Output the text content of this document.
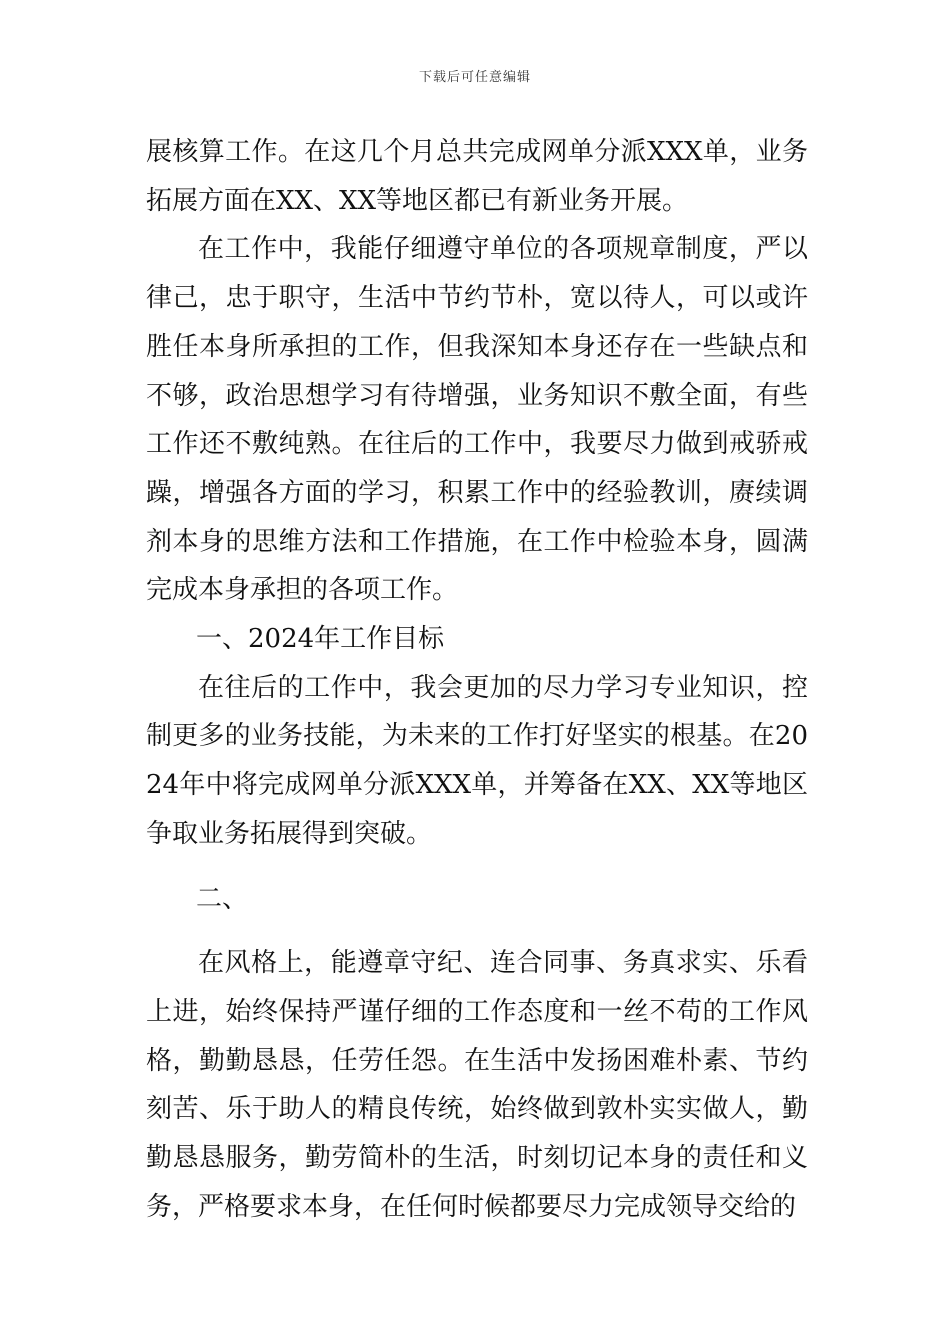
下载后可任意编辑

展核算工作。在这几个月总共完成网单分派XXX单，业务拓展方面在XX、XX等地区都已有新业务开展。

在工作中，我能仔细遵守单位的各项规章制度，严以律己，忠于职守，生活中节约节朴，宽以待人，可以或许胜任本身所承担的工作，但我深知本身还存在一些缺点和不够，政治思想学习有待增强，业务知识不敷全面，有些工作还不敷纯熟。在往后的工作中，我要尽力做到戒骄戒躁，增强各方面的学习，积累工作中的经验教训，赓续调剂本身的思维方法和工作措施，在工作中检验本身，圆满完成本身承担的各项工作。

一、2024年工作目标

在往后的工作中，我会更加的尽力学习专业知识，控制更多的业务技能，为未来的工作打好坚实的根基。在2024年中将完成网单分派XXX单，并筹备在XX、XX等地区争取业务拓展得到突破。

二、

在风格上，能遵章守纪、连合同事、务真求实、乐看上进，始终保持严谨仔细的工作态度和一丝不苟的工作风格，勤勤恳恳，任劳任怨。在生活中发扬困难朴素、节约刻苦、乐于助人的精良传统，始终做到敦朴实实做人，勤勤恳恳服务，勤劳简朴的生活，时刻切记本身的责任和义务，严格要求本身，在任何时候都要尽力完成领导交给的
